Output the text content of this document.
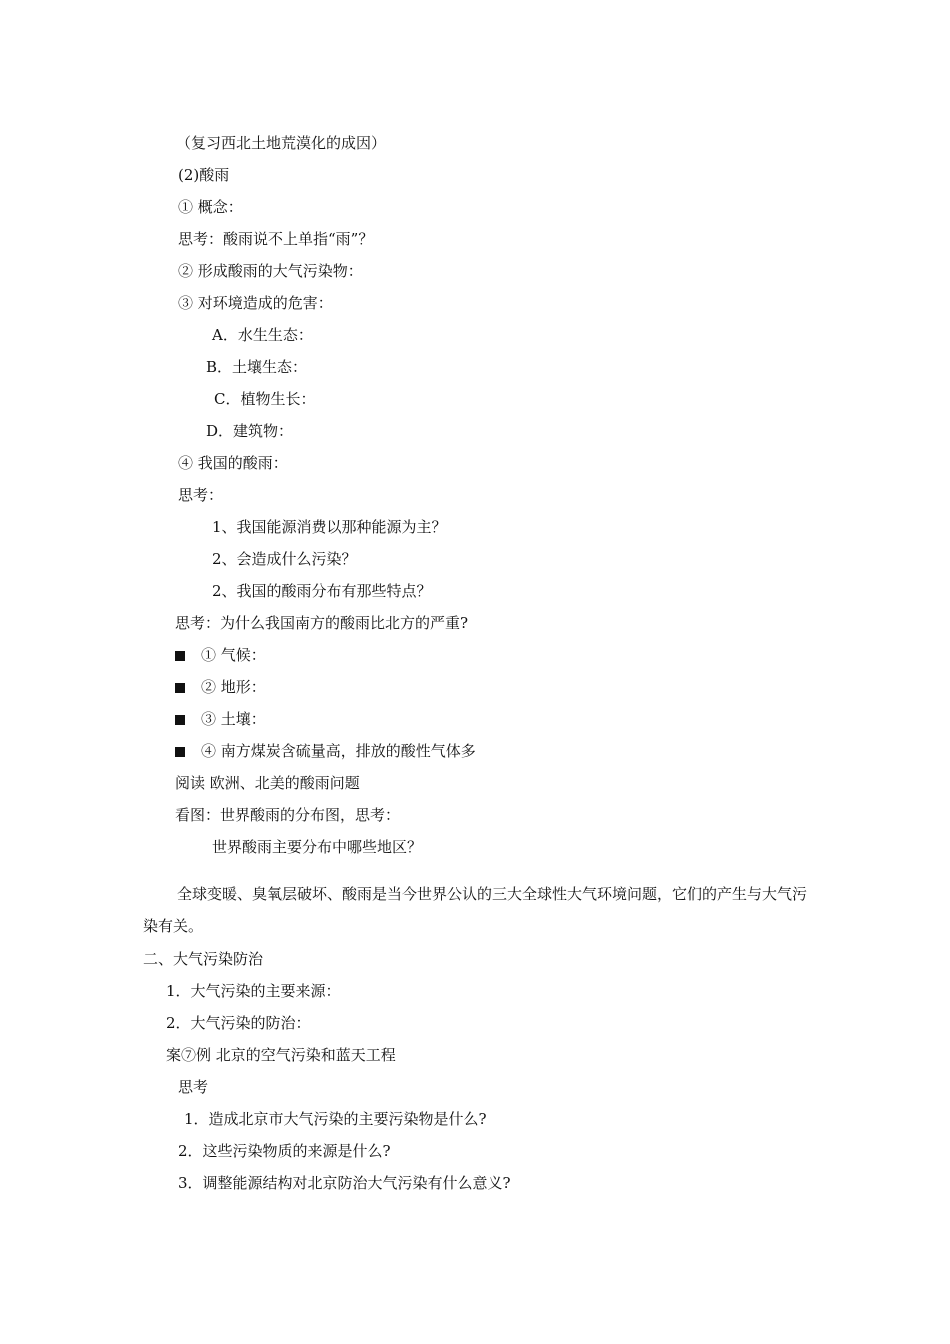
（复习西北土地荒漠化的成因）
(2)酸雨
① 概念：
思考：酸雨说不上单指“雨”？
② 形成酸雨的大气污染物：
③ 对环境造成的危害：
A．水生生态：
B．土壤生态：
C．植物生长：
D．建筑物：
④ 我国的酸雨：
思考：
1、我国能源消费以那种能源为主？
2、会造成什么污染？
2、我国的酸雨分布有那些特点？
思考：为什么我国南方的酸雨比北方的严重?
① 气候：
② 地形：
③ 土壤：
④ 南方煤炭含硫量高，排放的酸性气体多
阅读 欧洲、北美的酸雨问题
看图：世界酸雨的分布图，思考：
世界酸雨主要分布中哪些地区？
全球变暖、臭氧层破坏、酸雨是当今世界公认的三大全球性大气环境问题，它们的产生与大气污染有关。
二、大气污染防治
1．大气污染的主要来源：
2．大气污染的防治：
案⑦例 北京的空气污染和蓝天工程
思考
1．造成北京市大气污染的主要污染物是什么?
2．这些污染物质的来源是什么?
3．调整能源结构对北京防治大气污染有什么意义?
